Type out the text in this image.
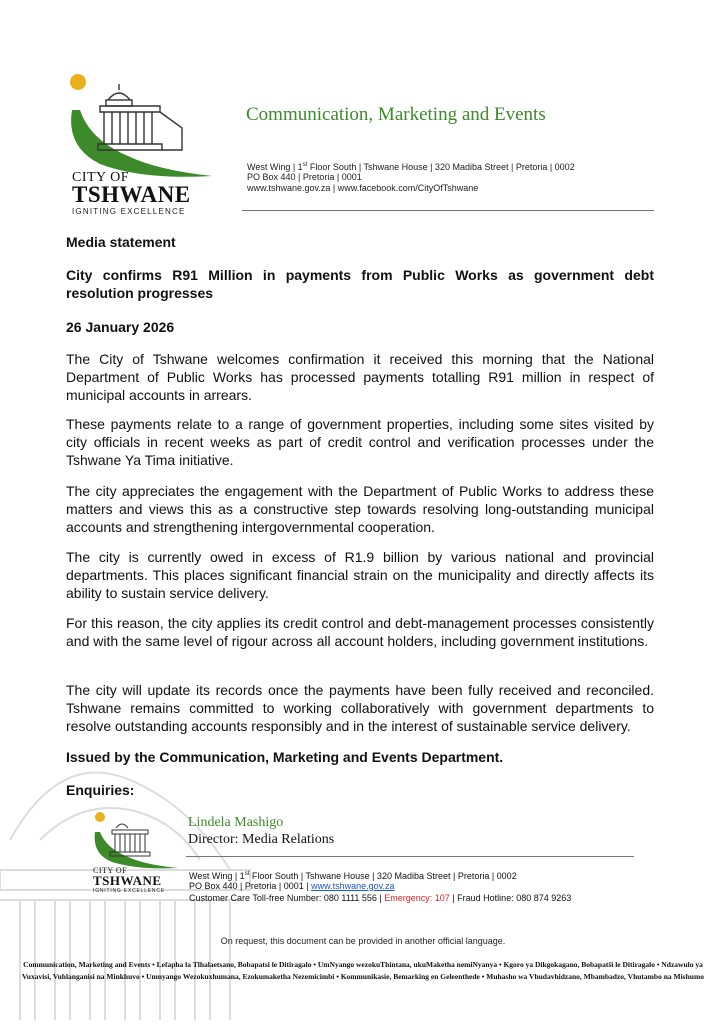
CITY OF
TSHWANE
IGNITING EXCELLENCE
Communication, Marketing and Events
West Wing | 1st Floor South | Tshwane House | 320 Madiba Street | Pretoria | 0002
PO Box 440 | Pretoria | 0001
www.tshwane.gov.za | www.facebook.com/CityOfTshwane
Media statement
City confirms R91 Million in payments from Public Works as government debt resolution progresses
26 January 2026
The City of Tshwane welcomes confirmation it received this morning that the National Department of Public Works has processed payments totalling R91 million in respect of municipal accounts in arrears.
These payments relate to a range of government properties, including some sites visited by city officials in recent weeks as part of credit control and verification processes under the Tshwane Ya Tima initiative.
The city appreciates the engagement with the Department of Public Works to address these matters and views this as a constructive step towards resolving long-outstanding municipal accounts and strengthening intergovernmental cooperation.
The city is currently owed in excess of R1.9 billion by various national and provincial departments. This places significant financial strain on the municipality and directly affects its ability to sustain service delivery.
For this reason, the city applies its credit control and debt-management processes consistently and with the same level of rigour across all account holders, including government institutions.
The city will update its records once the payments have been fully received and reconciled. Tshwane remains committed to working collaboratively with government departments to resolve outstanding accounts responsibly and in the interest of sustainable service delivery.
Issued by the Communication, Marketing and Events Department.
Enquiries:
CITY OF
TSHWANE
IGNITING EXCELLENCE
Lindela Mashigo
Director: Media Relations
West Wing | 1st Floor South | Tshwane House | 320 Madiba Street | Pretoria | 0002
PO Box 440 | Pretoria | 0001 | www.tshwane.gov.za
Customer Care Toll-free Number: 080 1111 556 | Emergency: 107 | Fraud Hotline: 080 874 9263
On request, this document can be provided in another official language.
Communication, Marketing and Events • Lefapha la Tlhalaetsano, Bobapatsi le Ditiragalo • UmNyango wezokuThintana, ukuMaketha nemiNyanya • Kgoro ya Dikgokagano, Bobapatši le Ditiragalo • Ndzawulo ya Vuxavisi, Vuhlanganisi na Minkhuvo • Umnyango Wezokuxhumana, Ezokumaketha Nezemicimbi • Kommunikasie, Bemarking en Geleenthede • Muhasho wa Vhudavhidzano, Mbambadzo, Vhutambo na Mishumo
